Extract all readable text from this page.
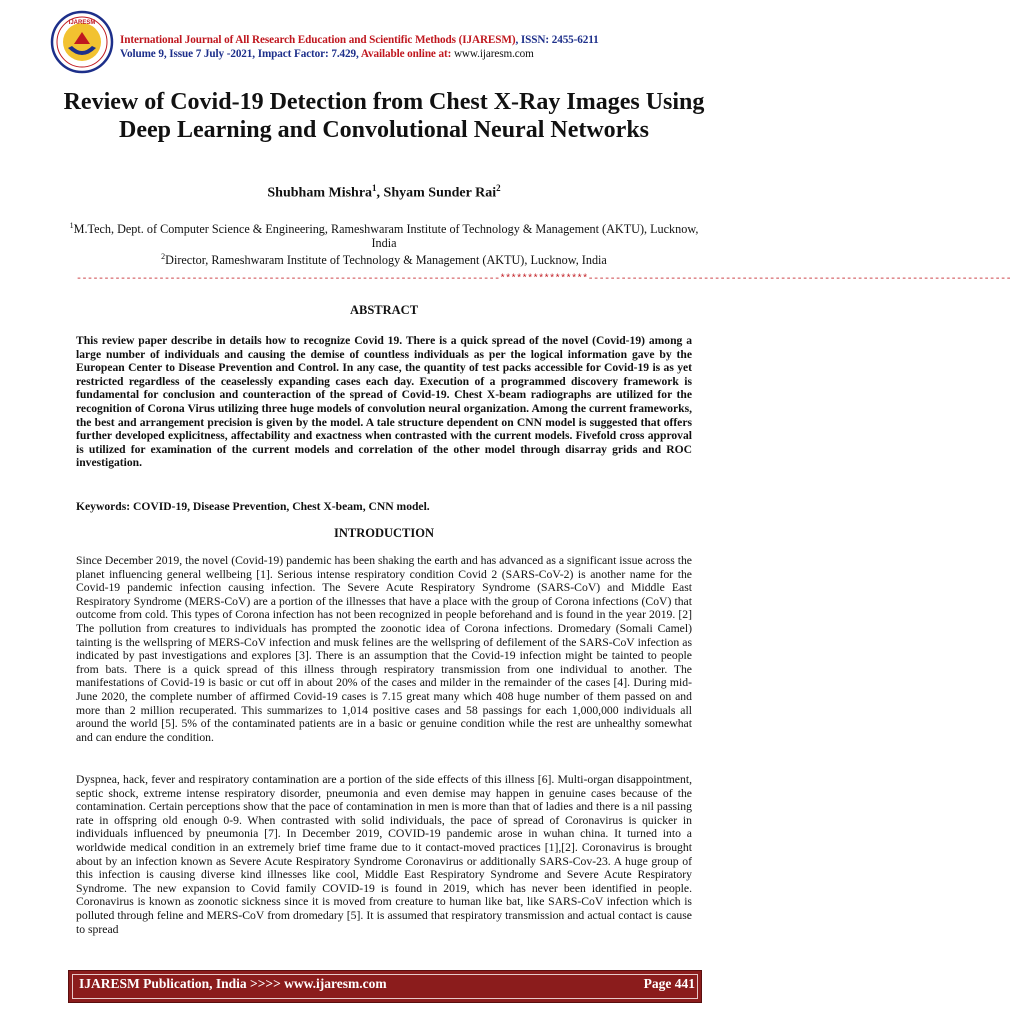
IJARESM
International Journal of All Research Education and Scientific Methods (IJARESM), ISSN: 2455-6211
Volume 9, Issue 7 July -2021, Impact Factor: 7.429, Available online at: www.ijaresm.com
Review of Covid-19 Detection from Chest X-Ray Images Using Deep Learning and Convolutional Neural Networks
Shubham Mishra$^1$, Shyam Sunder Rai$^2$
$^1$M.Tech, Dept. of Computer Science & Engineering, Rameshwaram Institute of Technology & Management (AKTU), Lucknow, India
$^2$Director, Rameshwaram Institute of Technology & Management (AKTU), Lucknow, India
-----------------------------------------------------------------------------****************-----------------------------------------------------------------------------
ABSTRACT

This review paper describe in details how to recognize Covid 19. There is a quick spread of the novel (Covid-19) among a large number of individuals and causing the demise of countless individuals as per the logical information gave by the European Center to Disease Prevention and Control. In any case, the quantity of test packs accessible for Covid-19 is as yet restricted regardless of the ceaselessly expanding cases each day. Execution of a programmed discovery framework is fundamental for conclusion and counteraction of the spread of Covid-19. Chest X-beam radiographs are utilized for the recognition of Corona Virus utilizing three huge models of convolution neural organization. Among the current frameworks, the best and arrangement precision is given by the model. A tale structure dependent on CNN model is suggested that offers further developed explicitness, affectability and exactness when contrasted with the current models. Fivefold cross approval is utilized for examination of the current models and correlation of the other model through disarray grids and ROC investigation.

Keywords: COVID-19, Disease Prevention, Chest X-beam, CNN model.

INTRODUCTION

Since December 2019, the novel (Covid-19) pandemic has been shaking the earth and has advanced as a significant issue across the planet influencing general wellbeing [1]. Serious intense respiratory condition Covid 2 (SARS-CoV-2) is another name for the Covid-19 pandemic infection causing infection. The Severe Acute Respiratory Syndrome (SARS-CoV) and Middle East Respiratory Syndrome (MERS-CoV) are a portion of the illnesses that have a place with the group of Corona infections (CoV) that outcome from cold. This types of Corona infection has not been recognized in people beforehand and is found in the year 2019. [2] The pollution from creatures to individuals has prompted the zoonotic idea of Corona infections. Dromedary (Somali Camel) tainting is the wellspring of MERS-CoV infection and musk felines are the wellspring of defilement of the SARS-CoV infection as indicated by past investigations and explores [3]. There is an assumption that the Covid-19 infection might be tainted to people from bats. There is a quick spread of this illness through respiratory transmission from one individual to another. The manifestations of Covid-19 is basic or cut off in about 20% of the cases and milder in the remainder of the cases [4]. During mid-June 2020, the complete number of affirmed Covid-19 cases is 7.15 great many which 408 huge number of them passed on and more than 2 million recuperated. This summarizes to 1,014 positive cases and 58 passings for each 1,000,000 individuals all around the world [5]. 5% of the contaminated patients are in a basic or genuine condition while the rest are unhealthy somewhat and can endure the condition.

Dyspnea, hack, fever and respiratory contamination are a portion of the side effects of this illness [6]. Multi-organ disappointment, septic shock, extreme intense respiratory disorder, pneumonia and even demise may happen in genuine cases because of the contamination. Certain perceptions show that the pace of contamination in men is more than that of ladies and there is a nil passing rate in offspring old enough 0-9. When contrasted with solid individuals, the pace of spread of Coronavirus is quicker in individuals influenced by pneumonia [7]. In December 2019, COVID-19 pandemic arose in wuhan china. It turned into a worldwide medical condition in an extremely brief time frame due to it contact-moved practices [1],[2]. Coronavirus is brought about by an infection known as Severe Acute Respiratory Syndrome Coronavirus or additionally SARS-Cov-23. A huge group of this infection is causing diverse kind illnesses like cool, Middle East Respiratory Syndrome and Severe Acute Respiratory Syndrome. The new expansion to Covid family COVID-19 is found in 2019, which has never been identified in people. Coronavirus is known as zoonotic sickness since it is moved from creature to human like bat, like SARS-CoV infection which is polluted through feline and MERS-CoV from dromedary [5]. It is assumed that respiratory transmission and actual contact is cause to spread

IJARESM Publication, India >>>> www.ijaresm.com	Page 441
